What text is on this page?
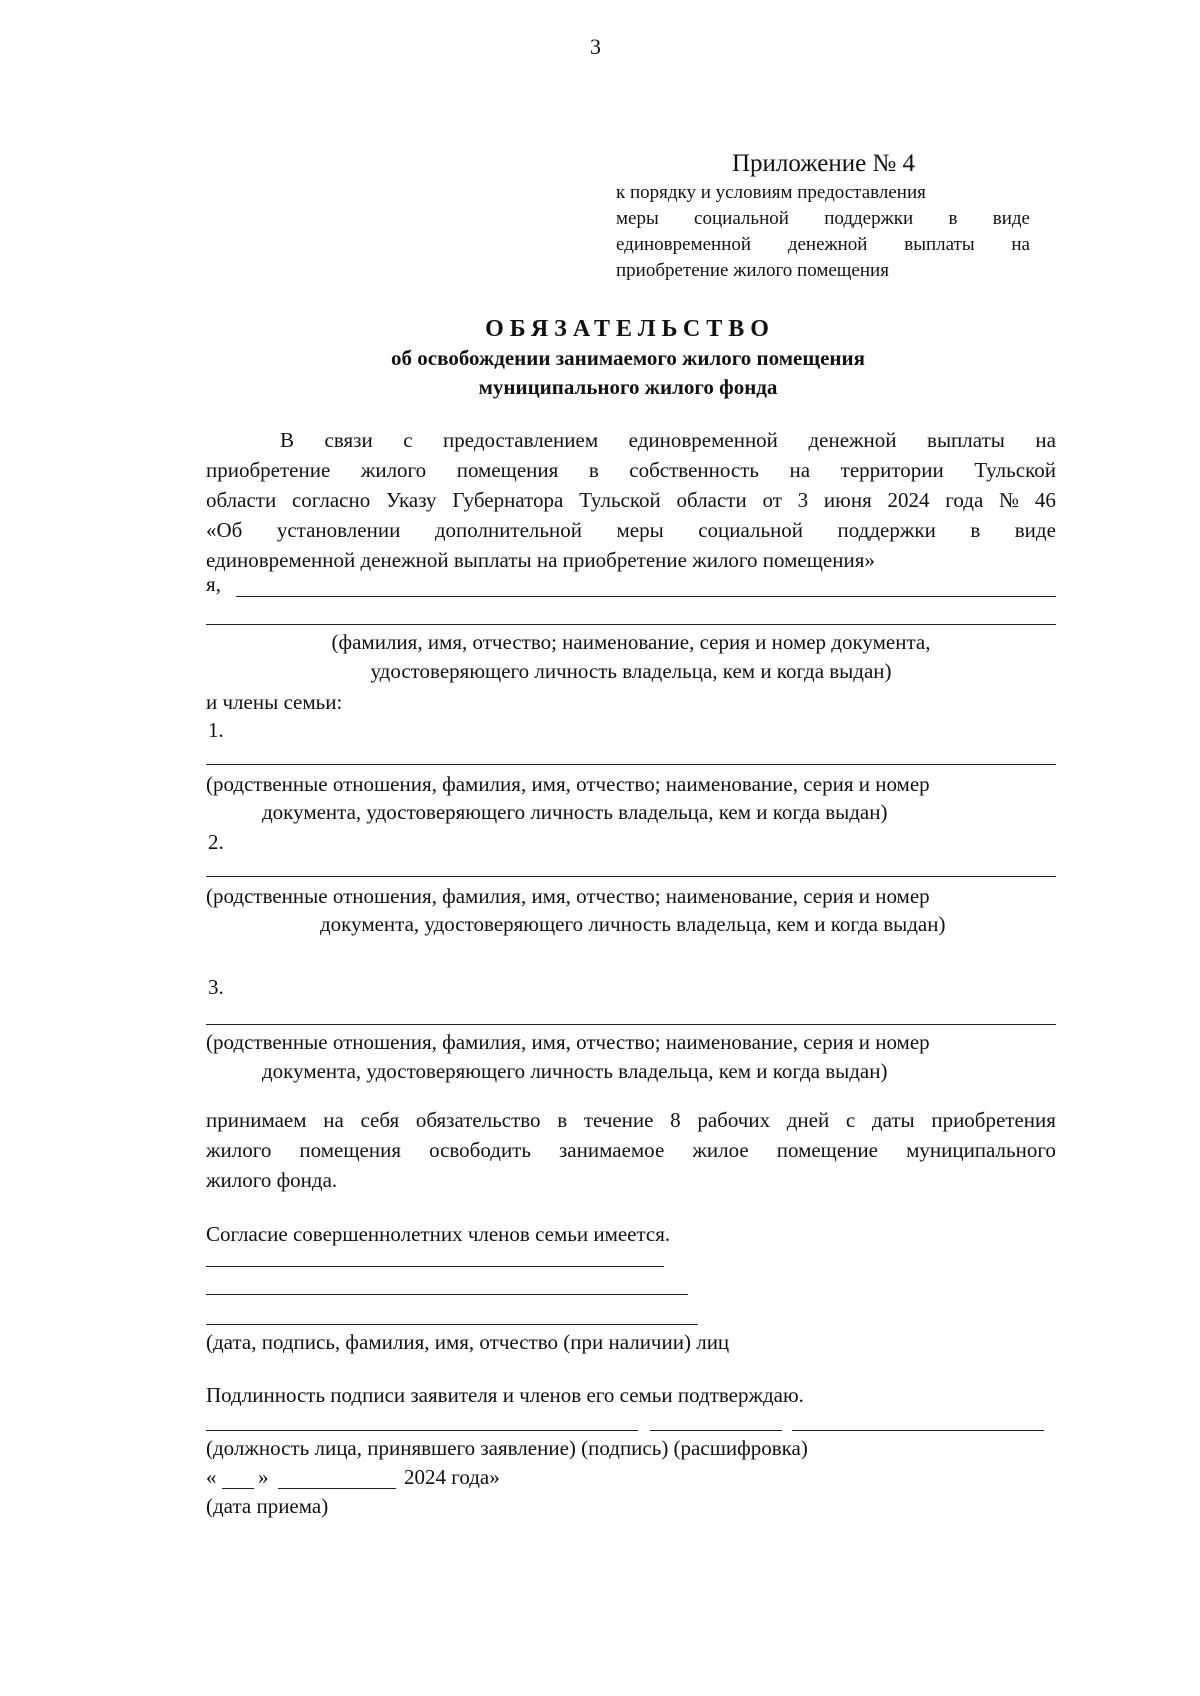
3
Приложение № 4
к порядку и условиям предоставления
меры социальной поддержки в виде
единовременной денежной выплаты на
приобретение жилого помещения
ОБЯЗАТЕЛЬСТВО
об освобождении занимаемого жилого помещения
муниципального жилого фонда
В связи с предоставлением единовременной денежной выплаты на
приобретение жилого помещения в собственность на территории Тульской
области согласно Указу Губернатора Тульской области от 3 июня 2024 года № 46
«Об установлении дополнительной меры социальной поддержки в виде
единовременной денежной выплаты на приобретение жилого помещения»
я,
(фамилия, имя, отчество; наименование, серия и номер документа,
удостоверяющего личность владельца, кем и когда выдан)
и члены семьи:
1.
(родственные отношения, фамилия, имя, отчество; наименование, серия и номер
документа, удостоверяющего личность владельца, кем и когда выдан)
2.
(родственные отношения, фамилия, имя, отчество; наименование, серия и номер
документа, удостоверяющего личность владельца, кем и когда выдан)
3.
(родственные отношения, фамилия, имя, отчество; наименование, серия и номер
документа, удостоверяющего личность владельца, кем и когда выдан)
принимаем на себя обязательство в течение 8 рабочих дней с даты приобретения
жилого помещения освободить занимаемое жилое помещение муниципального
жилого фонда.
Согласие совершеннолетних членов семьи имеется.
(дата, подпись, фамилия, имя, отчество (при наличии) лиц
Подлинность подписи заявителя и членов его семьи подтверждаю.
(должность лица, принявшего заявление) (подпись) (расшифровка)
« »	2024 года»
(дата приема)
